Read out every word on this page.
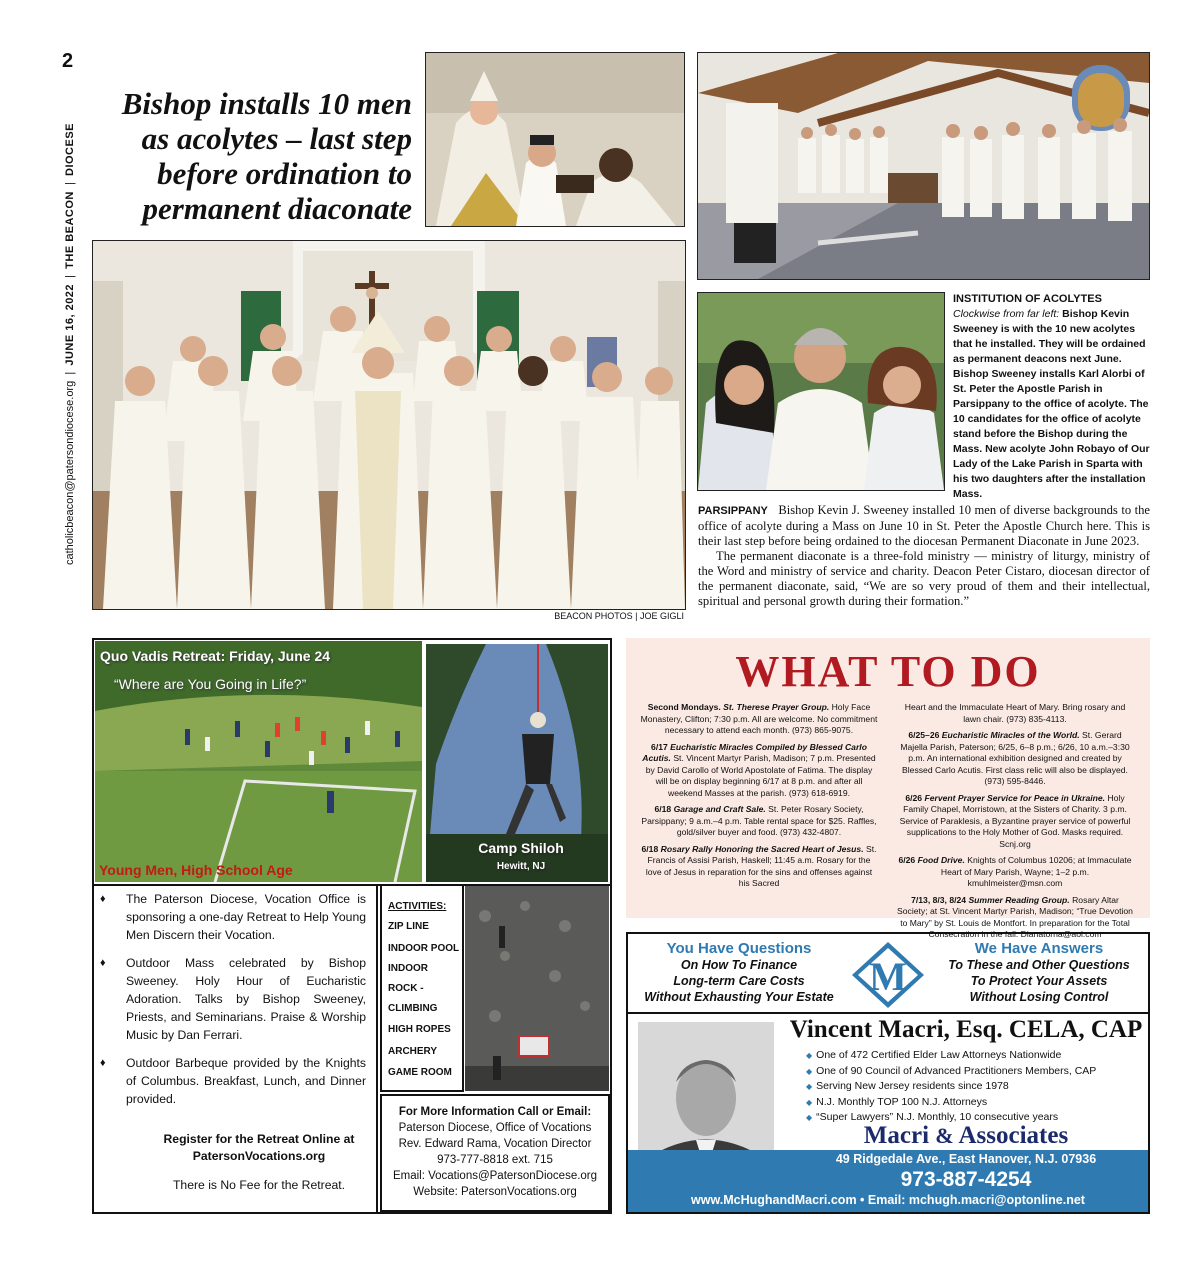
2
catholicbeacon@patersondiocese.org  |  JUNE 16, 2022  |  THE BEACON  |  DIOCESE
Bishop installs 10 men as acolytes – last step before ordination to permanent diaconate
BEACON PHOTOS | JOE GIGLI
INSTITUTION OF ACOLYTES
Clockwise from far left: Bishop Kevin Sweeney is with the 10 new acolytes that he installed. They will be ordained as permanent deacons next June. Bishop Sweeney installs Karl Alorbi of St. Peter the Apostle Parish in Parsippany to the office of acolyte. The 10 candidates for the office of acolyte stand before the Bishop during the Mass. New acolyte John Robayo of Our Lady of the Lake Parish in Sparta with his two daughters after the installation Mass.

PARSIPPANY Bishop Kevin J. Sweeney installed 10 men of diverse backgrounds to the office of acolyte during a Mass on June 10 in St. Peter the Apostle Church here. This is their last step before being ordained to the diocesan Permanent Diaconate in June 2023.

The permanent diaconate is a three-fold ministry — ministry of liturgy, ministry of the Word and ministry of service and charity. Deacon Peter Cistaro, diocesan director of the permanent diaconate, said, “We are so very proud of them and their intellectual, spiritual and personal growth during their formation.”

Quo Vadis Retreat: Friday, June 24
“Where are You Going in Life?”
Young Men, High School Age
Camp Shiloh
Hewitt, NJ
♦	The Paterson Diocese, Vocation Office is sponsoring a one-day Retreat to Help Young Men Discern their Vocation.
♦	Outdoor Mass celebrated by Bishop Sweeney. Holy Hour of Eucharistic Adoration. Talks by Bishop Sweeney, Priests, and Seminarians. Praise & Worship Music by Dan Ferrari.
♦	Outdoor Barbeque provided by the Knights of Columbus. Breakfast, Lunch, and Dinner provided.
Register for the Retreat Online at
PatersonVocations.org
There is No Fee for the Retreat.
ACTIVITIES:
ZIP LINE
INDOOR POOL
INDOOR ROCK -CLIMBING
HIGH ROPES
ARCHERY
GAME ROOM
For More Information Call or Email:
Paterson Diocese, Office of Vocations
Rev. Edward Rama, Vocation Director
973-777-8818 ext. 715
Email: Vocations@PatersonDiocese.org
Website: PatersonVocations.org
WHAT TO DO

Second Mondays. St. Therese Prayer Group. Holy Face Monastery, Clifton; 7:30 p.m. All are welcome. No commitment necessary to attend each month. (973) 865-9075.

6/17 Eucharistic Miracles Compiled by Blessed Carlo Acutis. St. Vincent Martyr Parish, Madison; 7 p.m. Presented by David Carollo of World Apostolate of Fatima. The display will be on display beginning 6/17 at 8 p.m. and after all weekend Masses at the parish. (973) 618-6919.

6/18 Garage and Craft Sale. St. Peter Rosary Society, Parsippany; 9 a.m.–4 p.m. Table rental space for $25. Raffles, gold/silver buyer and food. (973) 432-4807.

6/18 Rosary Rally Honoring the Sacred Heart of Jesus. St. Francis of Assisi Parish, Haskell; 11:45 a.m. Rosary for the love of Jesus in reparation for the sins and offenses against his Sacred

Heart and the Immaculate Heart of Mary. Bring rosary and lawn chair. (973) 835-4113.

6/25–26 Eucharistic Miracles of the World. St. Gerard Majella Parish, Paterson; 6/25, 6–8 p.m.; 6/26, 10 a.m.–3:30 p.m. An international exhibition designed and created by Blessed Carlo Acutis. First class relic will also be displayed. (973) 595-8446.

6/26 Fervent Prayer Service for Peace in Ukraine. Holy Family Chapel, Morristown, at the Sisters of Charity. 3 p.m. Service of Paraklesis, a Byzantine prayer service of powerful supplications to the Holy Mother of God. Masks required. Scnj.org

6/26 Food Drive. Knights of Columbus 10206; at Immaculate Heart of Mary Parish, Wayne; 1–2 p.m. kmuhlmeister@msn.com

7/13, 8/3, 8/24 Summer Reading Group. Rosary Altar Society; at St. Vincent Martyr Parish, Madison; “True Devotion to Mary” by St. Louis de Montfort. In preparation for the Total Consecration in the fall. Dianatorna@aol.com

You Have Questions
On How To Finance
Long-term Care Costs
Without Exhausting Your Estate M
We Have Answers
To These and Other Questions
To Protect Your Assets
Without Losing Control
Vincent Macri, Esq. CELA, CAP
◆ One of 472 Certified Elder Law Attorneys Nationwide
◆ One of 90 Council of Advanced Practitioners Members, CAP
◆ Serving New Jersey residents since 1978
◆ N.J. Monthly TOP 100 N.J. Attorneys
◆ “Super Lawyers” N.J. Monthly, 10 consecutive years
Macri & Associates
49 Ridgedale Ave., East Hanover, N.J. 07936
973-887-4254
www.McHughandMacri.com • Email: mchugh.macri@optonline.net
